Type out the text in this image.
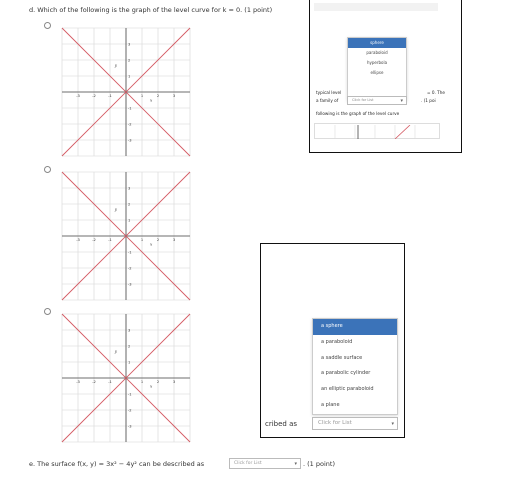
d. Which of the following is the graph of the level curve for k = 0. (1 point)
-3	-2	-1	1	2	3
3
2
1
-1
-2
-3
x
y
-3	-2	-1	1	2	3
3
2
1
-1
-2
-3
x
y
-3	-2	-1	1	2	3
3
2
1
-1
-2
-3
x
y
sphere
paraboloid
hyperbola
ellipse
typical level	= 0. The
a family of	Click for List	▾	. (1 poi
following is the graph of the level curve
a sphere
a paraboloid
a saddle surface
a parabolic cylinder
an elliptic paraboloid
a plane
cribed as	Click for List	▾
e. The surface f(x, y) = 3x² − 4y² can be described as	Click for List	▾ . (1 point)
